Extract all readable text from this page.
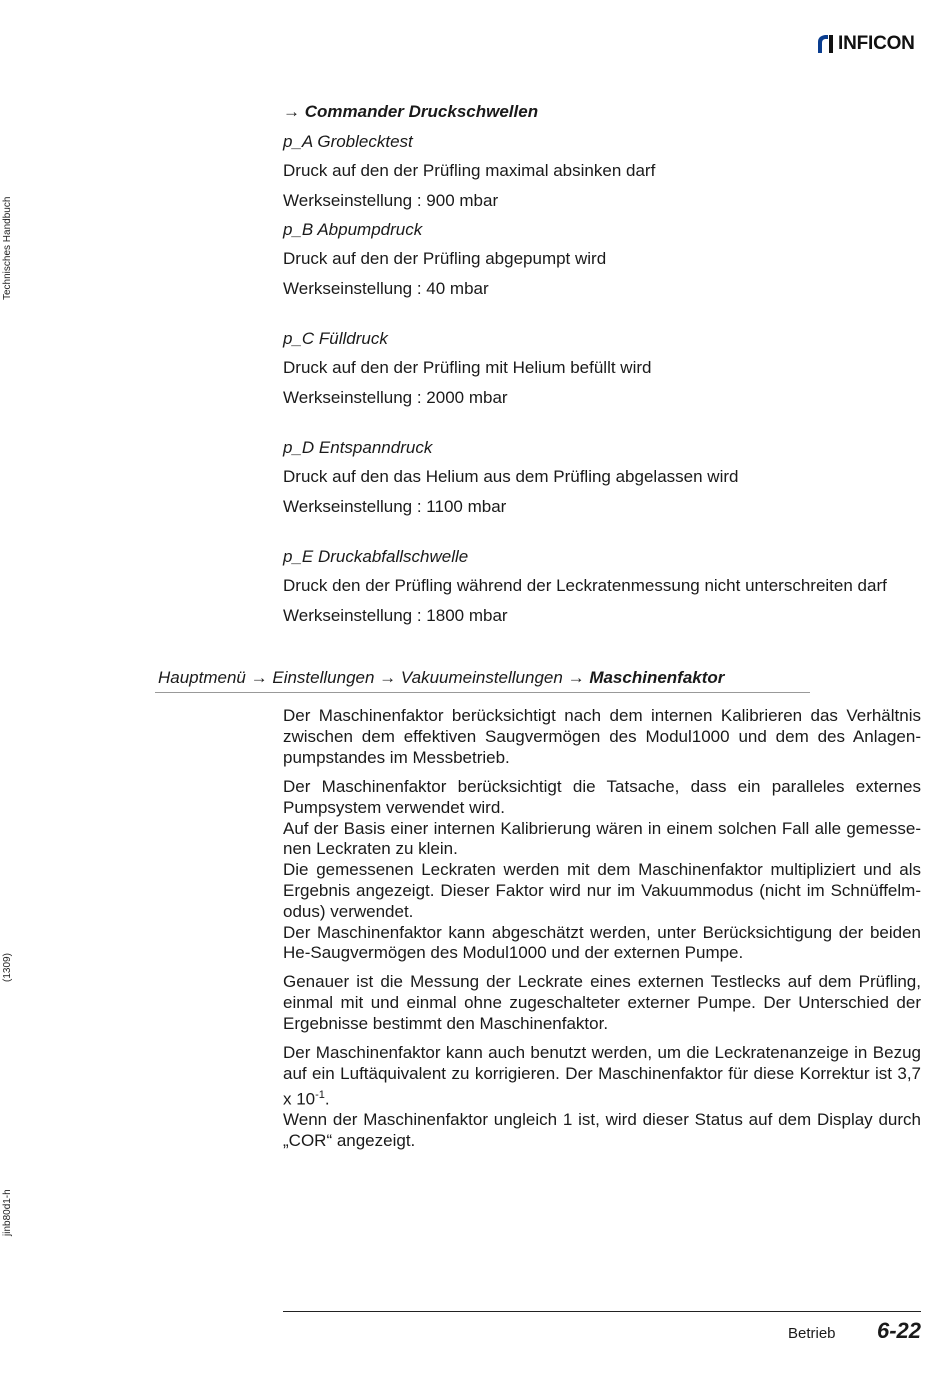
INFICON
Technisches Handbuch
(1309)
jinb80d1-h
→ Commander Druckschwellen
p_A Groblecktest
Druck auf den der Prüfling maximal absinken darf
Werkseinstellung : 900 mbar
p_B Abpumpdruck
Druck auf den der Prüfling abgepumpt wird
Werkseinstellung : 40 mbar
p_C Fülldruck
Druck auf den der Prüfling mit Helium befüllt wird
Werkseinstellung : 2000 mbar
p_D Entspanndruck
Druck auf den das Helium aus dem Prüfling abgelassen wird
Werkseinstellung : 1100 mbar
p_E Druckabfallschwelle
Druck den der Prüfling während der Leckratenmessung nicht unterschreiten darf
Werkseinstellung : 1800 mbar
Hauptmenü → Einstellungen → Vakuumeinstellungen → Maschinenfaktor

Der Maschinenfaktor berücksichtigt nach dem internen Kalibrieren das Verhältnis zwischen dem effektiven Saugvermögen des Modul1000 und dem des Anlagen-pumpstandes im Messbetrieb.

Der Maschinenfaktor berücksichtigt die Tatsache, dass ein paralleles externes Pumpsystem verwendet wird.

Auf der Basis einer internen Kalibrierung wären in einem solchen Fall alle gemesse-nen Leckraten zu klein.

Die gemessenen Leckraten werden mit dem Maschinenfaktor multipliziert und als Ergebnis angezeigt. Dieser Faktor wird nur im Vakuummodus (nicht im Schnüffelm-odus) verwendet.

Der Maschinenfaktor kann abgeschätzt werden, unter Berücksichtigung der beiden He-Saugvermögen des Modul1000 und der externen Pumpe.

Genauer ist die Messung der Leckrate eines externen Testlecks auf dem Prüfling, einmal mit und einmal ohne zugeschalteter externer Pumpe. Der Unterschied der Ergebnisse bestimmt den Maschinenfaktor.

Der Maschinenfaktor kann auch benutzt werden, um die Leckratenanzeige in Bezug auf ein Luftäquivalent zu korrigieren. Der Maschinenfaktor für diese Korrektur ist 3,7 x $10^{-1}$.

Wenn der Maschinenfaktor ungleich 1 ist, wird dieser Status auf dem Display durch „COR“ angezeigt.

Betrieb 6-22
